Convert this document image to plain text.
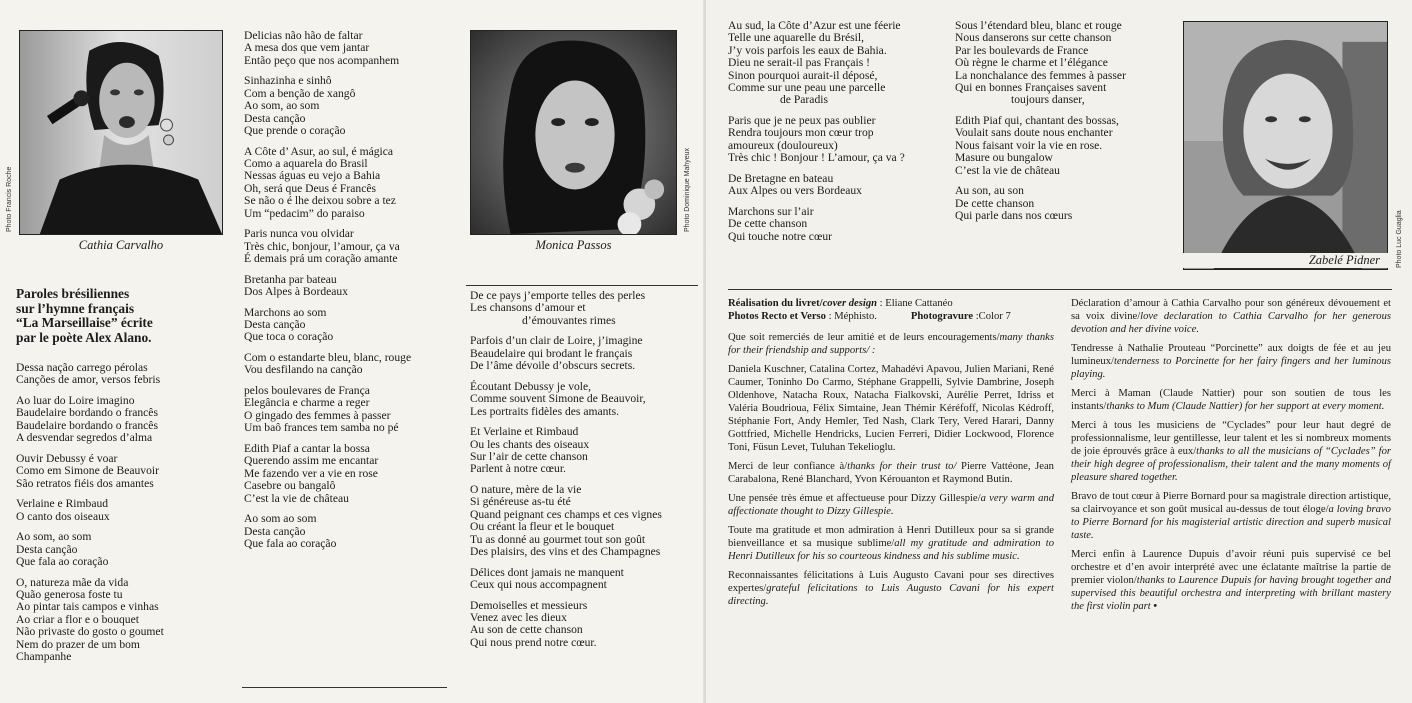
Photo Francis Roche
Cathia Carvalho
Paroles brésiliennes
sur l’hymne français
“La Marseillaise” écrite
par le poète Alex Alano.
Dessa nação carrego pérolas
Canções de amor, versos febris
Ao luar do Loire imagino
Baudelaire bordando o francês
Baudelaire bordando o francês
A desvendar segredos d’alma
Ouvir Debussy é voar
Como em Simone de Beauvoir
São retratos fiéis dos amantes
Verlaine e Rimbaud
O canto dos oiseaux
Ao som, ao som
Desta canção
Que fala ao coração
O, natureza mãe da vida
Quão generosa foste tu
Ao pintar tais campos e vinhas
Ao criar a flor e o bouquet
Não privaste do gosto o goumet
Nem do prazer de um bom
Champanhe
Delicias não hão de faltar
A mesa dos que vem jantar
Então peço que nos acompanhem
Sinhazinha e sinhô
Com a benção de xangô
Ao som, ao som
Desta canção
Que prende o coração
A Côte d’ Asur, ao sul, é mágica
Como a aquarela do Brasil
Nessas águas eu vejo a Bahia
Oh, será que Deus é Francês
Se não o é lhe deixou sobre a tez
Um “pedacim” do paraiso
Paris nunca vou olvidar
Très chic, bonjour, l’amour, ça va
É demais prá um coração amante
Bretanha par bateau
Dos Alpes à Bordeaux
Marchons ao som
Desta canção
Que toca o coração
Com o estandarte bleu, blanc, rouge
Vou desfilando na canção
pelos boulevares de França
Elegância e charme a reger
O gingado des femmes à passer
Um baô frances tem samba no pé
Edith Piaf a cantar la bossa
Querendo assim me encantar
Me fazendo ver a vie en rose
Casebre ou bangalô
C’est la vie de château
Ao som ao som
Desta canção
Que fala ao coração
Photo Dominique Mahyeux
Monica Passos
De ce pays j’emporte telles des perles
Les chansons d’amour et
d’émouvantes rimes
Parfois d’un clair de Loire, j’imagine
Beaudelaire qui brodant le français
De l’âme dévoile d’obscurs secrets.
Écoutant Debussy je vole,
Comme souvent Simone de Beauvoir,
Les portraits fidèles des amants.
Et Verlaine et Rimbaud
Ou les chants des oiseaux
Sur l’air de cette chanson
Parlent à notre cœur.
O nature, mère de la vie
Si généreuse as-tu été
Quand peignant ces champs et ces vignes
Ou créant la fleur et le bouquet
Tu as donné au gourmet tout son goût
Des plaisirs, des vins et des Champagnes
Délices dont jamais ne manquent
Ceux qui nous accompagnent
Demoiselles et messieurs
Venez avec les dieux
Au son de cette chanson
Qui nous prend notre cœur.
Au sud, la Côte d’Azur est une féerie
Telle une aquarelle du Brésil,
J’y vois parfois les eaux de Bahia.
Dieu ne serait-il pas Français !
Sinon pourquoi aurait-il déposé,
Comme sur une peau une parcelle
de Paradis
Paris que je ne peux pas oublier
Rendra toujours mon cœur trop
amoureux (douloureux)
Très chic ! Bonjour ! L’amour, ça va ?
De Bretagne en bateau
Aux Alpes ou vers Bordeaux
Marchons sur l’air
De cette chanson
Qui touche notre cœur
Sous l’étendard bleu, blanc et rouge
Nous danserons sur cette chanson
Par les boulevards de France
Où règne le charme et l’élégance
La nonchalance des femmes à passer
Qui en bonnes Françaises savent
toujours danser,
Edith Piaf qui, chantant des bossas,
Voulait sans doute nous enchanter
Nous faisant voir la vie en rose.
Masure ou bungalow
C’est la vie de château
Au son, au son
De cette chanson
Qui parle dans nos cœurs
Zabelé Pidner	Photo Luc Guaglia

Réalisation du livret/cover design : Eliane Cattanéo
Photos Recto et Verso : Méphisto.	Photogravure :Color 7

Que soit remerciés de leur amitié et de leurs encouragements/many thanks for their friendship and supports/ :

Daniela Kuschner, Catalina Cortez, Mahadévi Apavou, Julien Mariani, René Caumer, Toninho Do Carmo, Stéphane Grappelli, Sylvie Dambrine, Joseph Oldenhove, Natacha Roux, Natacha Fialkovski, Aurélie Perret, Idriss et Valéria Boudrioua, Félix Simtaine, Jean Thémir Kéréfoff, Nicolas Kédroff, Stéphanie Fort, Andy Hemler, Ted Nash, Clark Tery, Vered Harari, Danny Gottfried, Michelle Hendricks, Lucien Ferreri, Didier Lockwood, Florence Toni, Füsun Levet, Tuluhan Tekelioglu.

Merci de leur confiance à/thanks for their trust to/ Pierre Vattéone, Jean Carabalona, René Blanchard, Yvon Kérouanton et Raymond Butin.

Une pensée très émue et affectueuse pour Dizzy Gillespie/a very warm and affectionate thought to Dizzy Gillespie.

Toute ma gratitude et mon admiration à Henri Dutilleux pour sa si grande bienveillance et sa musique sublime/all my gratitude and admiration to Henri Dutilleux for his so courteous kindness and his sublime music.

Reconnaissantes félicitations à Luis Augusto Cavani pour ses directives expertes/grateful felicitations to Luis Augusto Cavani for his expert directing.

Déclaration d’amour à Cathia Carvalho pour son généreux dévouement et sa voix divine/love declaration to Cathia Carvalho for her generous devotion and her divine voice.

Tendresse à Nathalie Prouteau “Porcinette” aux doigts de fée et au jeu lumineux/tenderness to Porcinette for her fairy fingers and her luminous playing.

Merci à Maman (Claude Nattier) pour son soutien de tous les instants/thanks to Mum (Claude Nattier) for her support at every moment.

Merci à tous les musiciens de “Cyclades” pour leur haut degré de professionnalisme, leur gentillesse, leur talent et les si nombreux moments de joie éprouvés grâce à eux/thanks to all the musicians of “Cyclades” for their high degree of professionalism, their talent and the many moments of pleasure shared together.

Bravo de tout cœur à Pierre Bornard pour sa magistrale direction artistique, sa clairvoyance et son goût musical au-dessus de tout éloge/a loving bravo to Pierre Bornard for his magisterial artistic direction and superb musical taste.

Merci enfin à Laurence Dupuis d’avoir réuni puis supervisé ce bel orchestre et d’en avoir interprété avec une éclatante maîtrise la partie de premier violon/thanks to Laurence Dupuis for having brought together and supervised this beautiful orchestra and interpreting with brillant mastery the first violin part •
